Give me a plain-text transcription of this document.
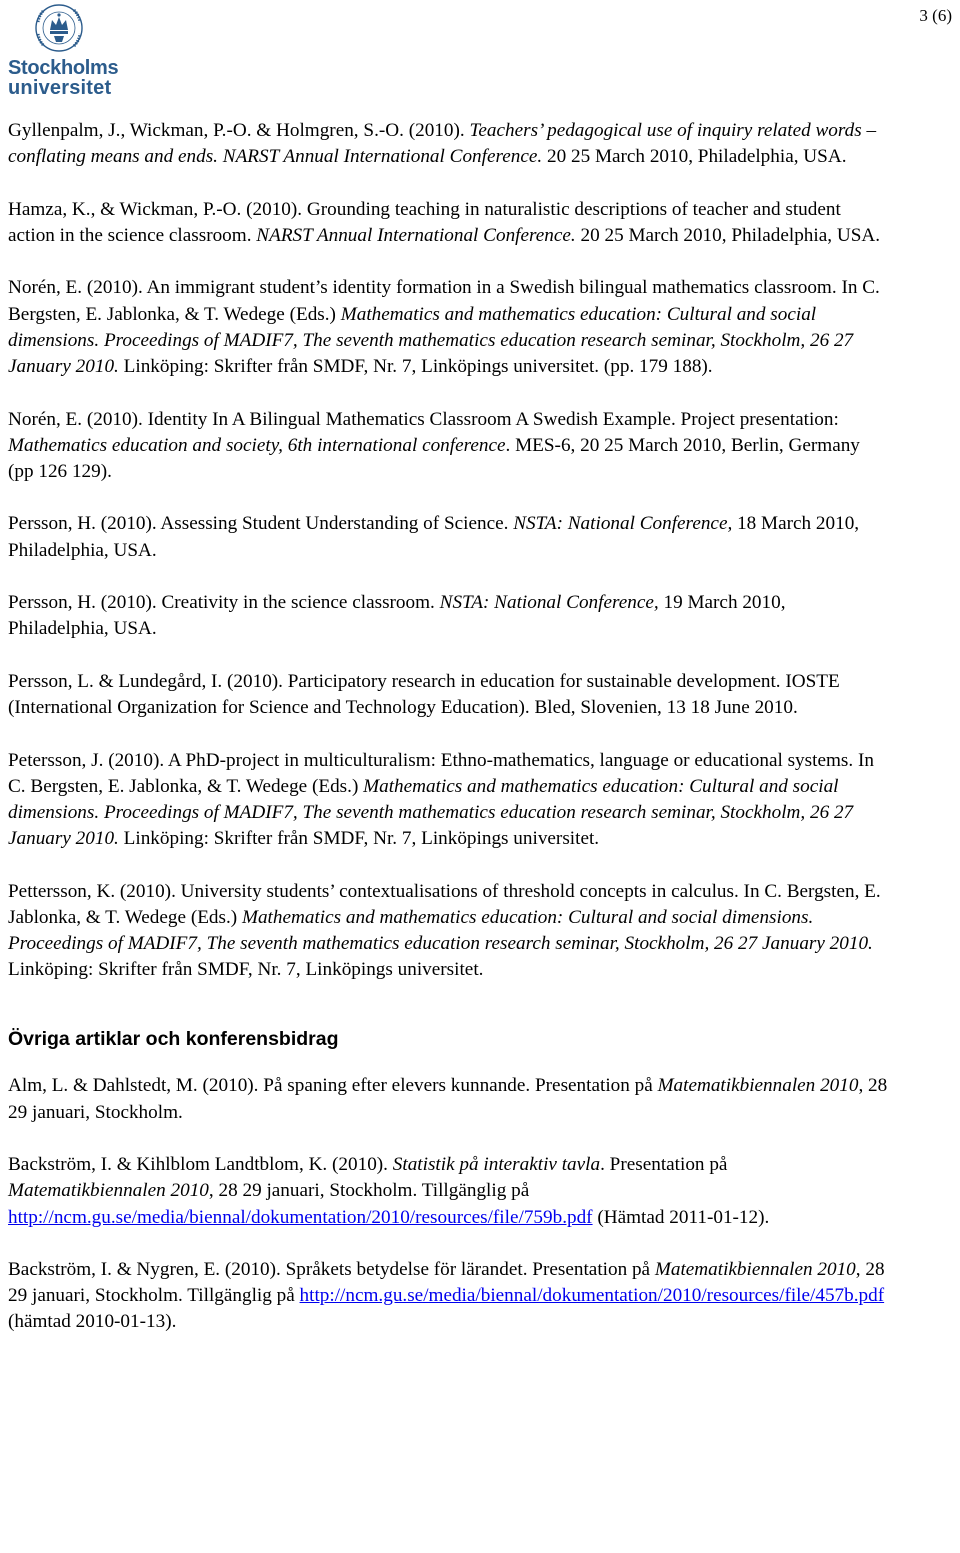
Stockholms
universitet
3 (6)

Gyllenpalm, J., Wickman, P.-O. & Holmgren, S.-O. (2010). Teachers’ pedagogical use of inquiry related words – conflating means and ends. NARST Annual International Conference. 20 25 March 2010, Philadelphia, USA.

Hamza, K., & Wickman, P.-O. (2010). Grounding teaching in naturalistic descriptions of teacher and student action in the science classroom. NARST Annual International Conference. 20 25 March 2010, Philadelphia, USA.

Norén, E. (2010). An immigrant student’s identity formation in a Swedish bilingual mathematics classroom. In C. Bergsten, E. Jablonka, & T. Wedege (Eds.) Mathematics and mathematics education: Cultural and social dimensions. Proceedings of MADIF7, The seventh mathematics education research seminar, Stockholm, 26 27 January 2010. Linköping: Skrifter från SMDF, Nr. 7, Linköpings universitet. (pp. 179 188).

Norén, E. (2010). Identity In A Bilingual Mathematics Classroom A Swedish Example. Project presentation: Mathematics education and society, 6th international conference. MES-6, 20 25 March 2010, Berlin, Germany (pp 126 129).

Persson, H. (2010). Assessing Student Understanding of Science. NSTA: National Conference, 18 March 2010, Philadelphia, USA.

Persson, H. (2010). Creativity in the science classroom. NSTA: National Conference, 19 March 2010, Philadelphia, USA.

Persson, L. & Lundegård, I. (2010). Participatory research in education for sustainable development. IOSTE (International Organization for Science and Technology Education). Bled, Slovenien, 13 18 June 2010.

Petersson, J. (2010). A PhD-project in multiculturalism: Ethno-mathematics, language or educational systems. In C. Bergsten, E. Jablonka, & T. Wedege (Eds.) Mathematics and mathematics education: Cultural and social dimensions. Proceedings of MADIF7, The seventh mathematics education research seminar, Stockholm, 26 27 January 2010. Linköping: Skrifter från SMDF, Nr. 7, Linköpings universitet.

Pettersson, K. (2010). University students’ contextualisations of threshold concepts in calculus. In C. Bergsten, E. Jablonka, & T. Wedege (Eds.) Mathematics and mathematics education: Cultural and social dimensions. Proceedings of MADIF7, The seventh mathematics education research seminar, Stockholm, 26 27 January 2010. Linköping: Skrifter från SMDF, Nr. 7, Linköpings universitet.

Övriga artiklar och konferensbidrag

Alm, L. & Dahlstedt, M. (2010). På spaning efter elevers kunnande. Presentation på Matematikbiennalen 2010, 28 29 januari, Stockholm.

Backström, I. & Kihlblom Landtblom, K. (2010). Statistik på interaktiv tavla. Presentation på Matematikbiennalen 2010, 28 29 januari, Stockholm. Tillgänglig på http://ncm.gu.se/media/biennal/dokumentation/2010/resources/file/759b.pdf (Hämtad 2011-01-12).

Backström, I. & Nygren, E. (2010). Språkets betydelse för lärandet. Presentation på Matematikbiennalen 2010, 28 29 januari, Stockholm. Tillgänglig på http://ncm.gu.se/media/biennal/dokumentation/2010/resources/file/457b.pdf (hämtad 2010-01-13).
